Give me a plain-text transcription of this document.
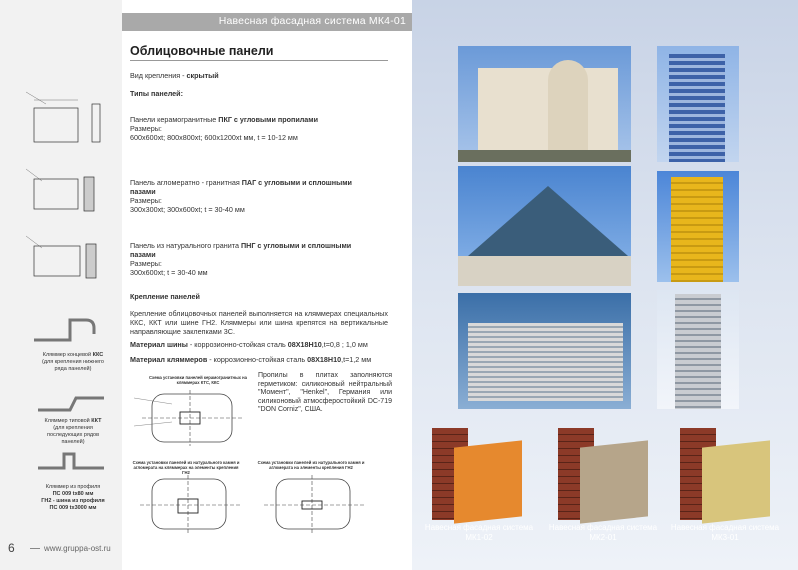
Навесная фасадная система МК4-01
Облицовочные панели
Вид крепления - скрытый
Типы панелей:
Панели керамогранитные ПКГ с угловыми пропилами
Размеры:
600х600хt; 800х800хt; 600х1200хt мм, t = 10-12 мм
Панель агломератно - гранитная ПАГ с угловыми и сплошными пазами
Размеры:
300х300хt; 300х600хt; t = 30-40 мм
Панель из натурального гранита ПНГ с угловыми и сплошными пазами
Размеры:
300х600хt; t = 30-40 мм
Крепление панелей
Крепление облицовочных панелей выполняется на кляммерах специальных ККС, ККТ или шине ГН2. Кляммеры или шина крепятся на вертикальные направляющие заклепками 3С.
Материал шины - коррозионно-стойкая сталь 08Х18Н10,t=0,8 ; 1,0 мм
Материал кляммеров - коррозионно-стойкая сталь 08Х18Н10,t=1,2 мм
Пропилы в плитах заполняются герметиком: силиконовый нейтральный "Момент", "Henkel", Германия или силиконовый атмосферостойкий DC-719 "DON Corniz", США.
Схема установки панелей керамогранитных на кляммерах КТС, ККС
Схема установки панелей из натурального камня и агломерата на кляммерах на элементы крепления ГН2
Схема установки панелей из натурального камня и агломерата на элементы крепления ГН2
Кляммер концевой ККС
(для крепления нижнего ряда панелей)
Кляммер типовой ККТ
(для крепления последующих рядов панелей)
Кляммер из профиля
ПС 009 tх80 мм
ГН2 - шина из профиля
ПС 009 tх3000 мм
Навесная фасадная система
МК1-02
Навесная фасадная система
МК2-01
Навесная фасадная система
МК3-01
6	www.gruppa-ost.ru
